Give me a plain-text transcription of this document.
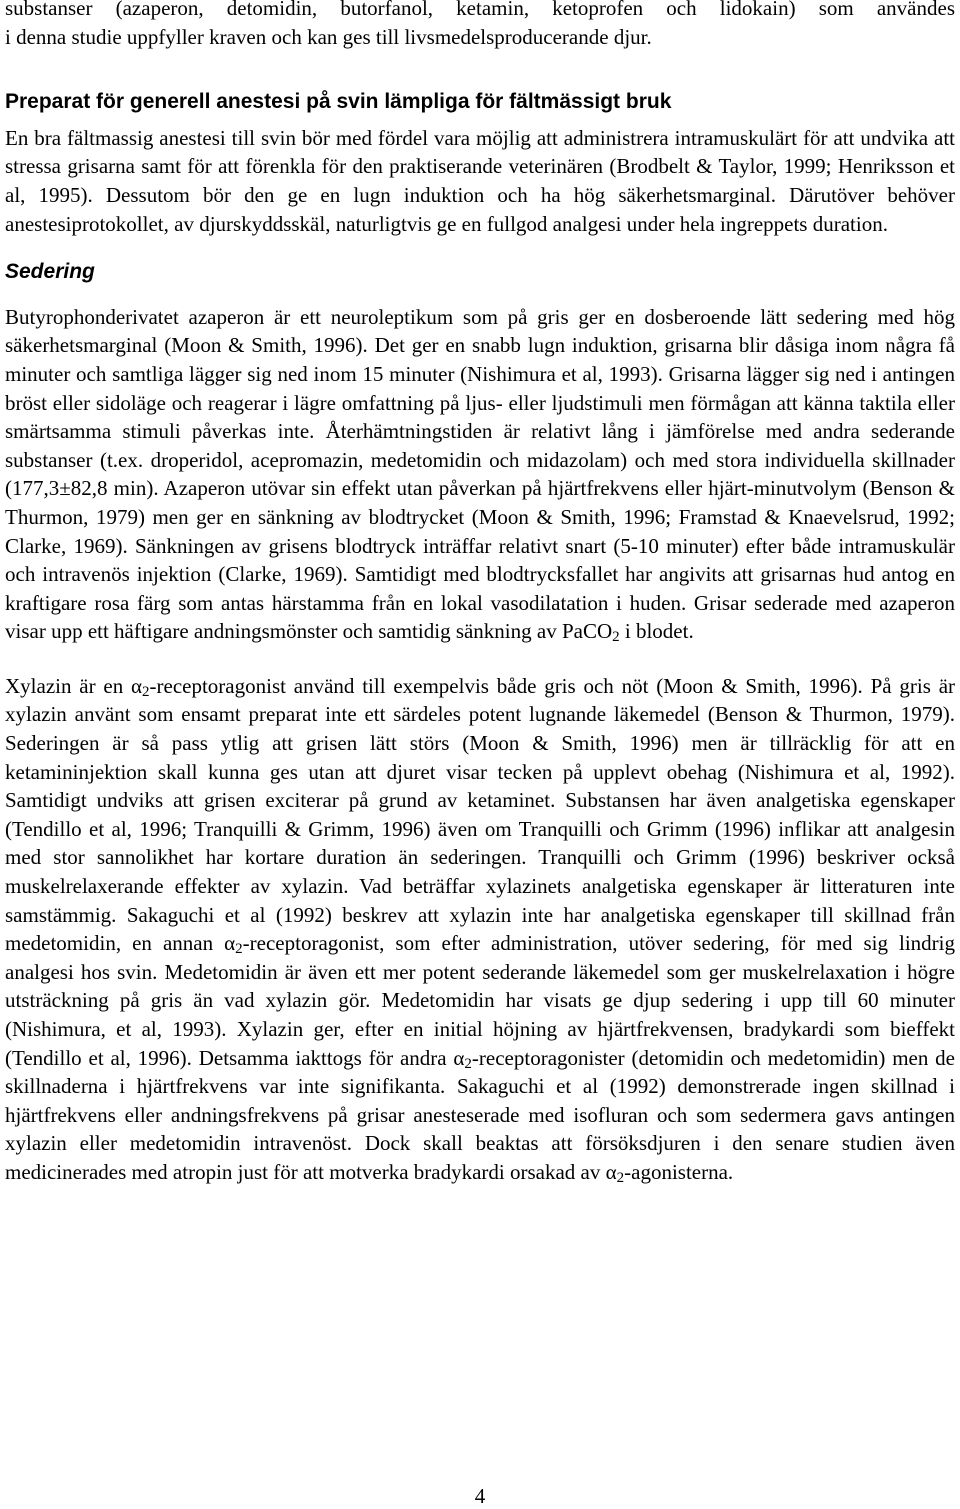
substanser (azaperon, detomidin, butorfanol, ketamin, ketoprofen och lidokain) som användes
i denna studie uppfyller kraven och kan ges till livsmedelsproducerande djur.

Preparat för generell anestesi på svin lämpliga för fältmässigt bruk

En bra fältmassig anestesi till svin bör med fördel vara möjlig att administrera intramuskulärt för att undvika att stressa grisarna samt för att förenkla för den praktiserande veterinären (Brodbelt & Taylor, 1999; Henriksson et al, 1995). Dessutom bör den ge en lugn induktion och ha hög säkerhetsmarginal. Därutöver behöver anestesiprotokollet, av djurskyddsskäl, naturligtvis ge en fullgod analgesi under hela ingreppets duration.

Sedering

Butyrophonderivatet azaperon är ett neuroleptikum som på gris ger en dosberoende lätt sedering med hög säkerhetsmarginal (Moon & Smith, 1996). Det ger en snabb lugn induktion, grisarna blir dåsiga inom några få minuter och samtliga lägger sig ned inom 15 minuter (Nishimura et al, 1993). Grisarna lägger sig ned i antingen bröst eller sidoläge och reagerar i lägre omfattning på ljus- eller ljudstimuli men förmågan att känna taktila eller smärtsamma stimuli påverkas inte. Återhämtningstiden är relativt lång i jämförelse med andra sederande substanser (t.ex. droperidol, acepromazin, medetomidin och midazolam) och med stora individuella skillnader (177,3±82,8 min). Azaperon utövar sin effekt utan påverkan på hjärtfrekvens eller hjärt-minutvolym (Benson & Thurmon, 1979) men ger en sänkning av blodtrycket (Moon & Smith, 1996; Framstad & Knaevelsrud, 1992; Clarke, 1969). Sänkningen av grisens blodtryck inträffar relativt snart (5-10 minuter) efter både intramuskulär och intravenös injektion (Clarke, 1969). Samtidigt med blodtrycksfallet har angivits att grisarnas hud antog en kraftigare rosa färg som antas härstamma från en lokal vasodilatation i huden. Grisar sederade med azaperon visar upp ett häftigare andningsmönster och samtidig sänkning av PaCO$_2$ i blodet.

Xylazin är en $\alpha_2$-receptoragonist använd till exempelvis både gris och nöt (Moon & Smith, 1996). På gris är xylazin använt som ensamt preparat inte ett särdeles potent lugnande läkemedel (Benson & Thurmon, 1979). Sederingen är så pass ytlig att grisen lätt störs (Moon & Smith, 1996) men är tillräcklig för att en ketamininjektion skall kunna ges utan att djuret visar tecken på upplevt obehag (Nishimura et al, 1992). Samtidigt undviks att grisen exciterar på grund av ketaminet. Substansen har även analgetiska egenskaper (Tendillo et al, 1996; Tranquilli & Grimm, 1996) även om Tranquilli och Grimm (1996) inflikar att analgesin med stor sannolikhet har kortare duration än sederingen. Tranquilli och Grimm (1996) beskriver också muskelrelaxerande effekter av xylazin. Vad beträffar xylazinets analgetiska egenskaper är litteraturen inte samstämmig. Sakaguchi et al (1992) beskrev att xylazin inte har analgetiska egenskaper till skillnad från medetomidin, en annan $\alpha_2$-receptoragonist, som efter administration, utöver sedering, för med sig lindrig analgesi hos svin. Medetomidin är även ett mer potent sederande läkemedel som ger muskelrelaxation i högre utsträckning på gris än vad xylazin gör. Medetomidin har visats ge djup sedering i upp till 60 minuter (Nishimura, et al, 1993). Xylazin ger, efter en initial höjning av hjärtfrekvensen, bradykardi som bieffekt (Tendillo et al, 1996). Detsamma iakttogs för andra $\alpha_2$-receptoragonister (detomidin och medetomidin) men de skillnaderna i hjärtfrekvens var inte signifikanta. Sakaguchi et al (1992) demonstrerade ingen skillnad i hjärtfrekvens eller andningsfrekvens på grisar anesteserade med isofluran och som sedermera gavs antingen xylazin eller medetomidin intravenöst. Dock skall beaktas att försöksdjuren i den senare studien även medicinerades med atropin just för att motverka bradykardi orsakad av $\alpha_2$-agonisterna.

4
